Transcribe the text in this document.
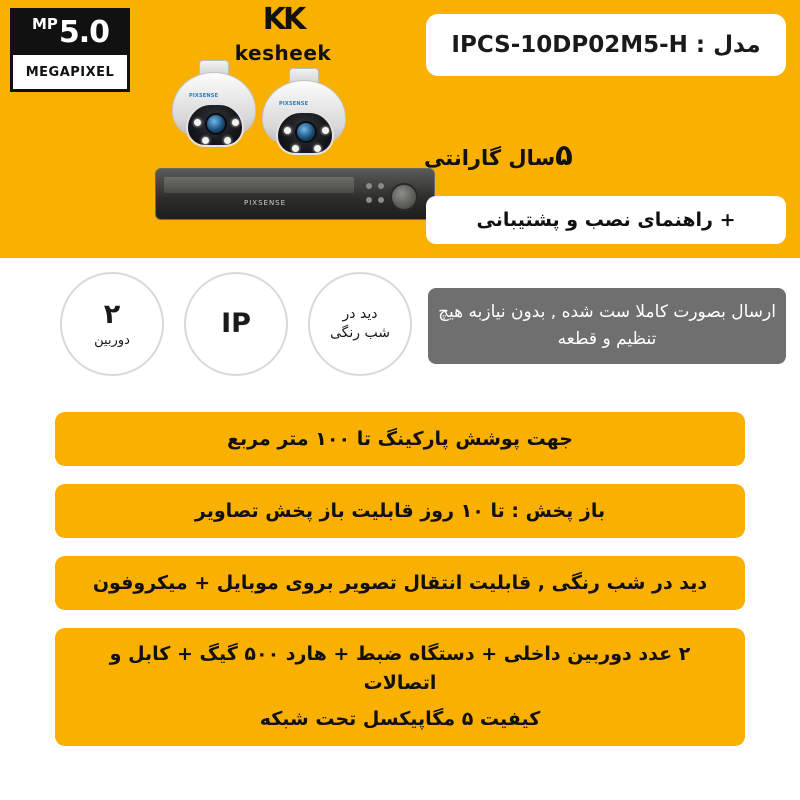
5.0
MP
MEGAPIXEL
KK
kesheek
PIXSENSE
PIXSENSE
PIXSENSE
مدل : IPCS-10DP02M5-H
۵سال گارانتی
+ راهنمای نصب و پشتیبانی
۲
دوربین
IP	دید در
شب رنگی
ارسال بصورت کاملا ست شده , بدون نیازبه هیچ تنظیم و قطعه
جهت پوشش پارکینگ تا ۱۰۰ متر مربع
باز پخش : تا ۱۰ روز قابلیت باز پخش تصاویر
دید در شب رنگی , قابلیت انتقال تصویر بروی موبایل + میکروفون
۲ عدد دوربین داخلی + دستگاه ضبط + هارد ۵۰۰ گیگ + کابل و اتصالات
کیفیت ۵ مگاپیکسل تحت شبکه
